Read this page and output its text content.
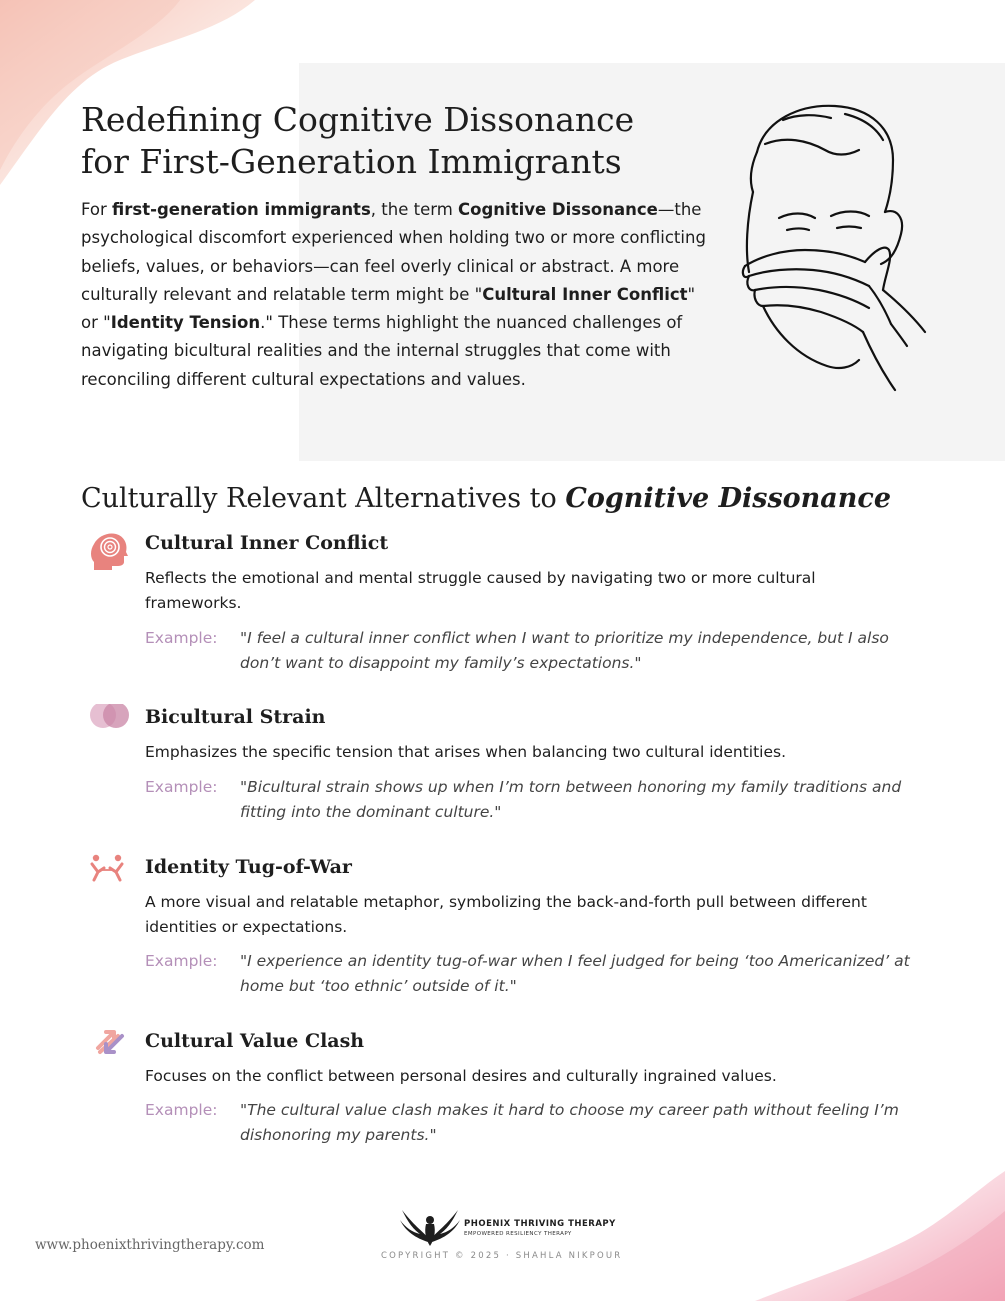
Redefining Cognitive Dissonance
for First-Generation Immigrants

For first-generation immigrants, the term Cognitive Dissonance—the psychological discomfort experienced when holding two or more conflicting beliefs, values, or behaviors—can feel overly clinical or abstract. A more culturally relevant and relatable term might be "Cultural Inner Conflict" or "Identity Tension." These terms highlight the nuanced challenges of navigating bicultural realities and the internal struggles that come with reconciling different cultural expectations and values.

Culturally Relevant Alternatives to Cognitive Dissonance
Cultural Inner Conflict

Reflects the emotional and mental struggle caused by navigating two or more cultural frameworks.

Example: "I feel a cultural inner conflict when I want to prioritize my independence, but I also don’t want to disappoint my family’s expectations."

Bicultural Strain

Emphasizes the specific tension that arises when balancing two cultural identities.

Example: "Bicultural strain shows up when I’m torn between honoring my family traditions and fitting into the dominant culture."

Identity Tug-of-War

A more visual and relatable metaphor, symbolizing the back-and-forth pull between different identities or expectations.

Example: "I experience an identity tug-of-war when I feel judged for being ‘too Americanized’ at home but ‘too ethnic’ outside of it."

Cultural Value Clash

Focuses on the conflict between personal desires and culturally ingrained values.

Example: "The cultural value clash makes it hard to choose my career path without feeling I’m dishonoring my parents."

www.phoenixthrivingtherapy.com
PHOENIX THRIVING THERAPY
EMPOWERED RESILIENCY THERAPY
COPYRIGHT © 2025 · SHAHLA NIKPOUR
